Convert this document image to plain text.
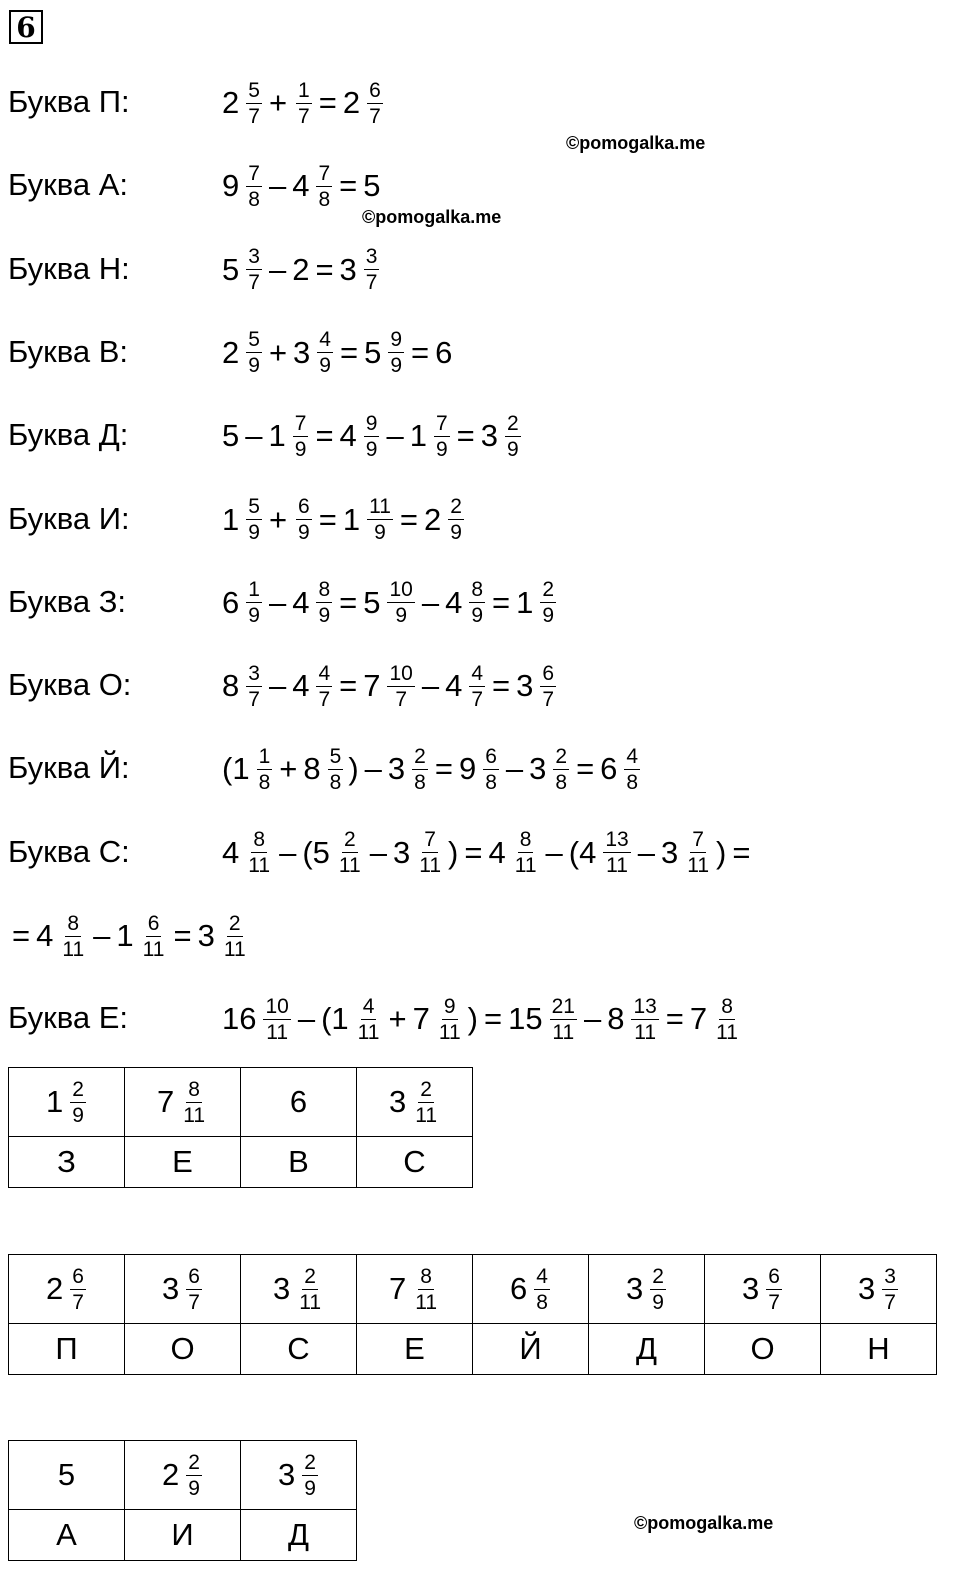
6
©pomogalka.me
©pomogalka.me
©pomogalka.me
Буква П:	$2 \frac{5}{7} + \frac{1}{7} = 2 \frac{6}{7}$
Буква А:	$9 \frac{7}{8} - 4 \frac{7}{8} = 5$
Буква Н:	$5 \frac{3}{7} - 2 = 3 \frac{3}{7}$
Буква В:	$2 \frac{5}{9} + 3 \frac{4}{9} = 5 \frac{9}{9} = 6$
Буква Д:	$5 - 1 \frac{7}{9} = 4 \frac{9}{9} - 1 \frac{7}{9} = 3 \frac{2}{9}$
Буква И:	$1 \frac{5}{9} + \frac{6}{9} = 1 \frac{11}{9} = 2 \frac{2}{9}$
Буква З:	$6 \frac{1}{9} - 4 \frac{8}{9} = 5 \frac{10}{9} - 4 \frac{8}{9} = 1 \frac{2}{9}$
Буква О:	$8 \frac{3}{7} - 4 \frac{4}{7} = 7 \frac{10}{7} - 4 \frac{4}{7} = 3 \frac{6}{7}$
Буква Й:	($1 \frac{1}{8} + 8 \frac{5}{8}$ ) – $3 \frac{2}{8} = 9 \frac{6}{8} - 3 \frac{2}{8} = 6 \frac{4}{8}$
Буква С:	$4 \frac{8}{11} - (5 \frac{2}{11} - 3 \frac{7}{11}$ ) = $4 \frac{8}{11} - (4 \frac{13}{11} - 3 \frac{7}{11}$ ) =
= $4 \frac{8}{11} - 1 \frac{6}{11} = 3 \frac{2}{11}$
Буква Е:	$16 \frac{10}{11} - (1 \frac{4}{11} + 7 \frac{9}{11}$ ) = $15 \frac{21}{11} - 8 \frac{13}{11} = 7 \frac{8}{11}$
$1 \frac{2}{9}$	$7 \frac{8}{11}$	6	$3 \frac{2}{11}$

З	Е	В	С
$2 \frac{6}{7}$	$3 \frac{6}{7}$	$3 \frac{2}{11}$	$7 \frac{8}{11}$	$6 \frac{4}{8}$	$3 \frac{2}{9}$	$3 \frac{6}{7}$	$3 \frac{3}{7}$

П	О	С	Е	Й	Д	О	Н
5	$2 \frac{2}{9}$	$3 \frac{2}{9}$

А	И	Д
